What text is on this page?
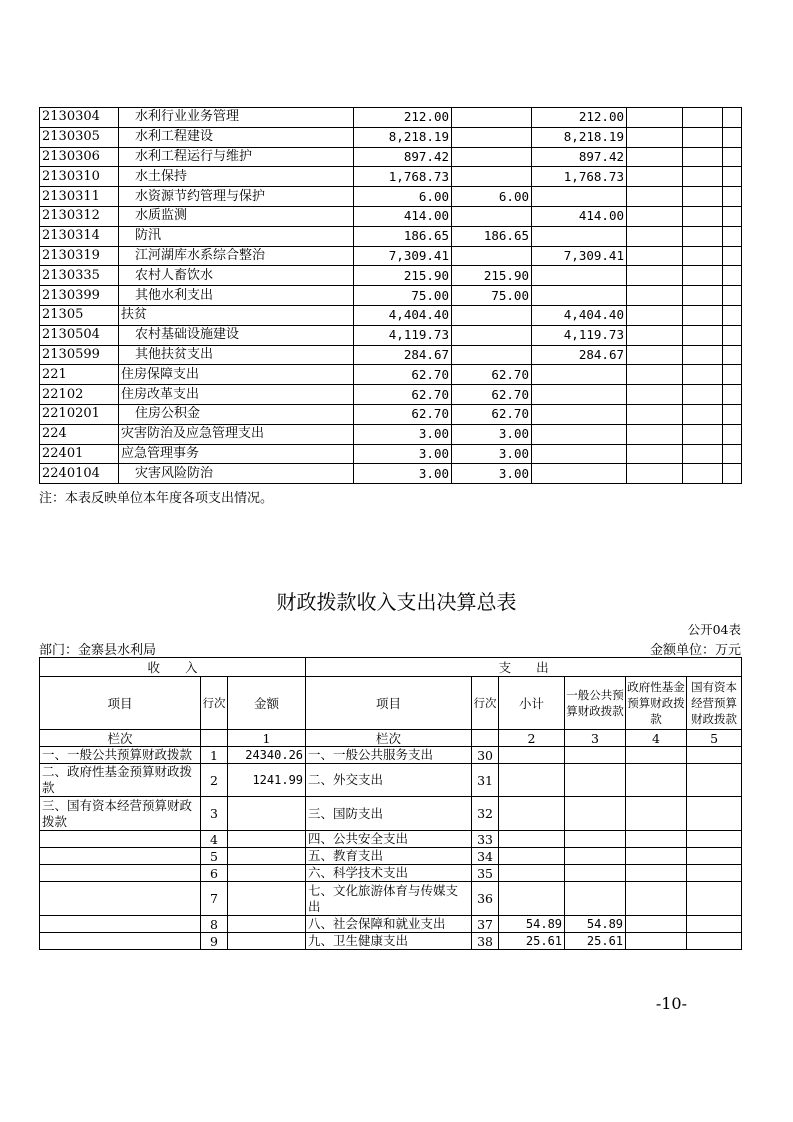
2130304	水利行业业务管理	212.00		212.00			
2130305	水利工程建设	8,218.19		8,218.19			
2130306	水利工程运行与维护	897.42		897.42			
2130310	水土保持	1,768.73		1,768.73			
2130311	水资源节约管理与保护	6.00	6.00				
2130312	水质监测	414.00		414.00			
2130314	防汛	186.65	186.65				
2130319	江河湖库水系综合整治	7,309.41		7,309.41			
2130335	农村人畜饮水	215.90	215.90				
2130399	其他水利支出	75.00	75.00				
21305	扶贫	4,404.40		4,404.40			
2130504	农村基础设施建设	4,119.73		4,119.73			
2130599	其他扶贫支出	284.67		284.67			
221	住房保障支出	62.70	62.70				
22102	住房改革支出	62.70	62.70				
2210201	住房公积金	62.70	62.70				
224	灾害防治及应急管理支出	3.00	3.00				
22401	应急管理事务	3.00	3.00				
2240104	灾害风险防治	3.00	3.00				
注：本表反映单位本年度各项支出情况。
财政拨款收入支出决算总表
公开04表
部门：金寨县水利局	金额单位：万元
收　　入			支　　出					
项目	行次	金额	项目	行次	小计	一般公共预算财政拨款	政府性基金预算财政拨款	国有资本经营预算财政拨款
栏次		1	栏次		2	3	4	5
一、一般公共预算财政拨款	1	24340.26	一、一般公共服务支出	30				
二、政府性基金预算财政拨款	2	1241.99	二、外交支出	31				
三、国有资本经营预算财政拨款	3		三、国防支出	32				
	4		四、公共安全支出	33				
	5		五、教育支出	34				
	6		六、科学技术支出	35				
	7		七、文化旅游体育与传媒支出	36				
	8		八、社会保障和就业支出	37	54.89	54.89		
	9		九、卫生健康支出	38	25.61	25.61		
-10-
